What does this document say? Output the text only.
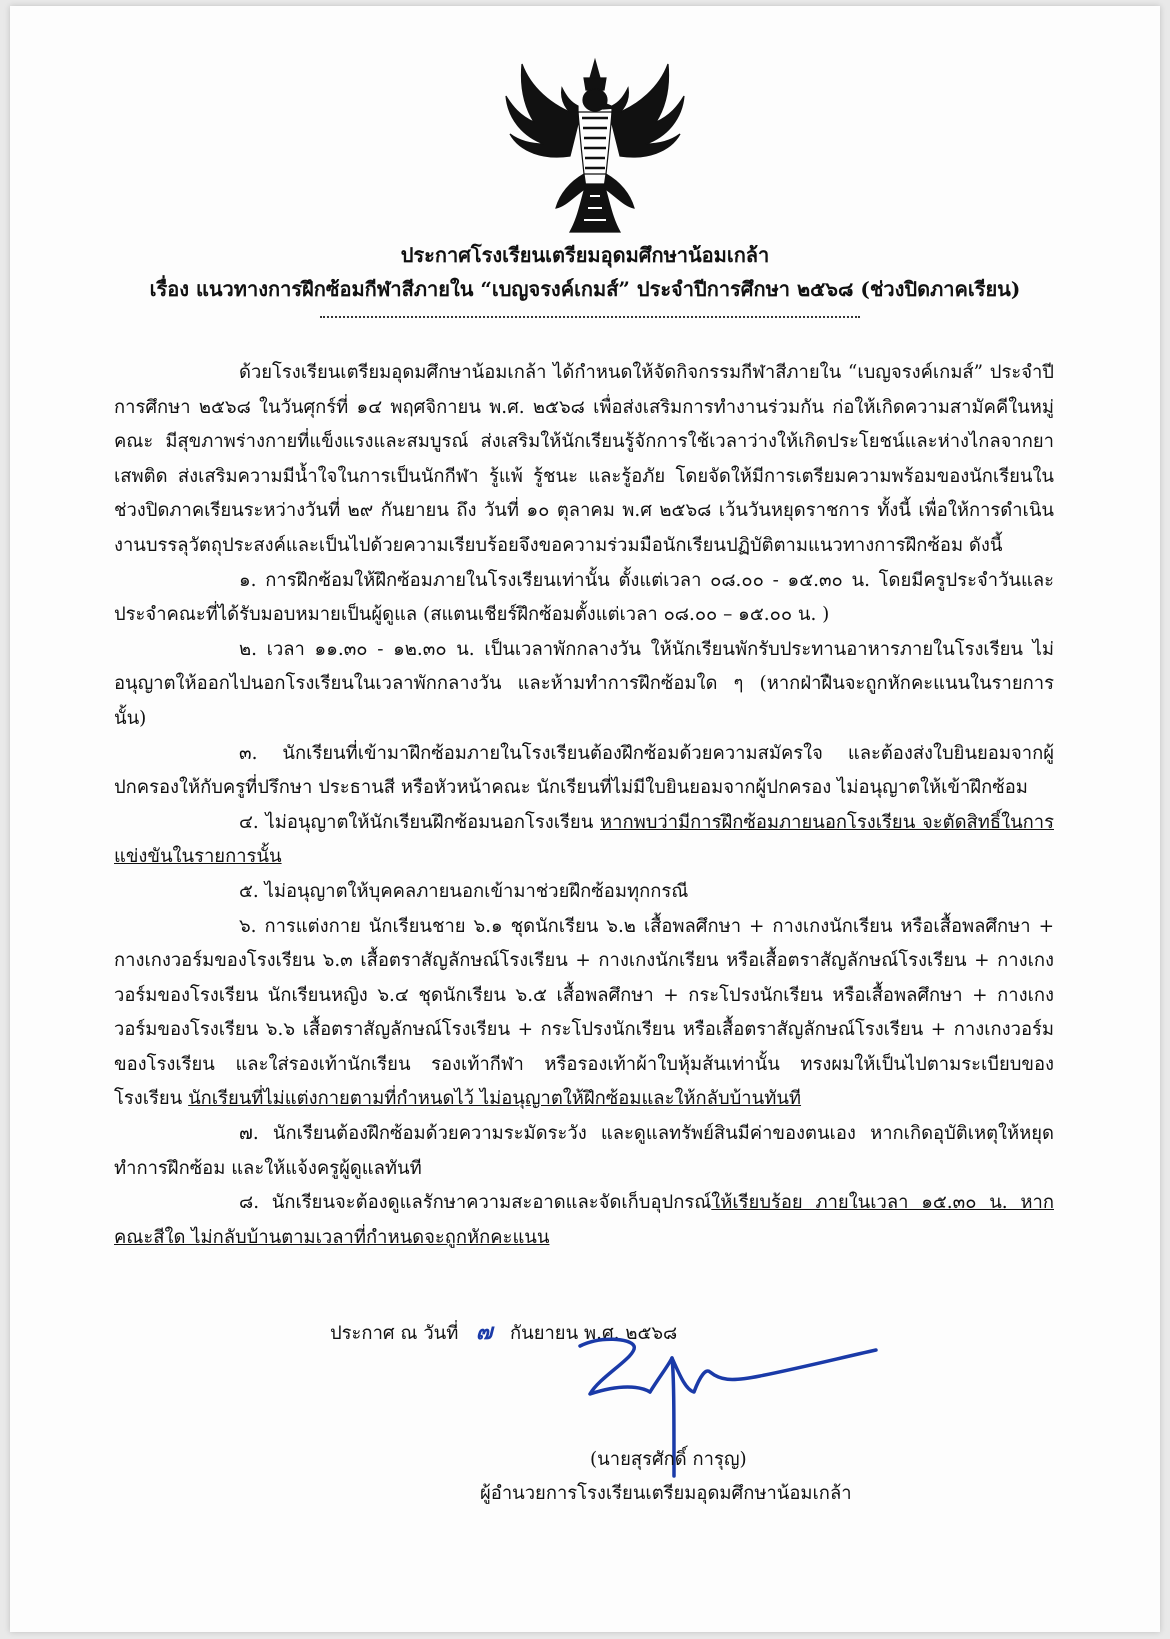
ประกาศโรงเรียนเตรียมอุดมศึกษาน้อมเกล้า
เรื่อง แนวทางการฝึกซ้อมกีฬาสีภายใน “เบญจรงค์เกมส์” ประจำปีการศึกษา ๒๕๖๘ (ช่วงปิดภาคเรียน)

ด้วยโรงเรียนเตรียมอุดมศึกษาน้อมเกล้า ได้กำหนดให้จัดกิจกรรมกีฬาสีภายใน “เบญจรงค์เกมส์” ประจำปีการศึกษา ๒๕๖๘ ในวันศุกร์ที่ ๑๔ พฤศจิกายน พ.ศ. ๒๕๖๘ เพื่อส่งเสริมการทำงานร่วมกัน ก่อให้เกิดความสามัคคีในหมู่คณะ มีสุขภาพร่างกายที่แข็งแรงและสมบูรณ์ ส่งเสริมให้นักเรียนรู้จักการใช้เวลาว่างให้เกิดประโยชน์และห่างไกลจากยาเสพติด ส่งเสริมความมีน้ำใจในการเป็นนักกีฬา รู้แพ้ รู้ชนะ และรู้อภัย โดยจัดให้มีการเตรียมความพร้อมของนักเรียนในช่วงปิดภาคเรียนระหว่างวันที่ ๒๙ กันยายน ถึง วันที่ ๑๐ ตุลาคม พ.ศ ๒๕๖๘ เว้นวันหยุดราชการ ทั้งนี้ เพื่อให้การดำเนินงานบรรลุวัตถุประสงค์และเป็นไปด้วยความเรียบร้อยจึงขอความร่วมมือนักเรียนปฏิบัติตามแนวทางการฝึกซ้อม ดังนี้

๑. การฝึกซ้อมให้ฝึกซ้อมภายในโรงเรียนเท่านั้น ตั้งแต่เวลา ๐๘.๐๐ - ๑๕.๓๐ น. โดยมีครูประจำวันและประจำคณะที่ได้รับมอบหมายเป็นผู้ดูแล (สแตนเชียร์ฝึกซ้อมตั้งแต่เวลา ๐๘.๐๐ – ๑๕.๐๐ น. )

๒. เวลา ๑๑.๓๐ - ๑๒.๓๐ น. เป็นเวลาพักกลางวัน ให้นักเรียนพักรับประทานอาหารภายในโรงเรียน ไม่อนุญาตให้ออกไปนอกโรงเรียนในเวลาพักกลางวัน และห้ามทำการฝึกซ้อมใด ๆ (หากฝ่าฝืนจะถูกหักคะแนนในรายการนั้น)

๓. นักเรียนที่เข้ามาฝึกซ้อมภายในโรงเรียนต้องฝึกซ้อมด้วยความสมัครใจ และต้องส่งใบยินยอมจากผู้ปกครองให้กับครูที่ปรึกษา ประธานสี หรือหัวหน้าคณะ นักเรียนที่ไม่มีใบยินยอมจากผู้ปกครอง ไม่อนุญาตให้เข้าฝึกซ้อม

๔. ไม่อนุญาตให้นักเรียนฝึกซ้อมนอกโรงเรียน หากพบว่ามีการฝึกซ้อมภายนอกโรงเรียน จะตัดสิทธิ์ในการแข่งขันในรายการนั้น

๕. ไม่อนุญาตให้บุคคลภายนอกเข้ามาช่วยฝึกซ้อมทุกกรณี

๖. การแต่งกาย นักเรียนชาย ๖.๑ ชุดนักเรียน ๖.๒ เสื้อพลศึกษา + กางเกงนักเรียน หรือเสื้อพลศึกษา + กางเกงวอร์มของโรงเรียน ๖.๓ เสื้อตราสัญลักษณ์โรงเรียน + กางเกงนักเรียน หรือเสื้อตราสัญลักษณ์โรงเรียน + กางเกงวอร์มของโรงเรียน นักเรียนหญิง ๖.๔ ชุดนักเรียน ๖.๕ เสื้อพลศึกษา + กระโปรงนักเรียน หรือเสื้อพลศึกษา + กางเกงวอร์มของโรงเรียน ๖.๖ เสื้อตราสัญลักษณ์โรงเรียน + กระโปรงนักเรียน หรือเสื้อตราสัญลักษณ์โรงเรียน + กางเกงวอร์มของโรงเรียน และใส่รองเท้านักเรียน รองเท้ากีฬา หรือรองเท้าผ้าใบหุ้มส้นเท่านั้น ทรงผมให้เป็นไปตามระเบียบของโรงเรียน นักเรียนที่ไม่แต่งกายตามที่กำหนดไว้ ไม่อนุญาตให้ฝึกซ้อมและให้กลับบ้านทันที

๗. นักเรียนต้องฝึกซ้อมด้วยความระมัดระวัง และดูแลทรัพย์สินมีค่าของตนเอง หากเกิดอุบัติเหตุให้หยุดทำการฝึกซ้อม และให้แจ้งครูผู้ดูแลทันที

๘. นักเรียนจะต้องดูแลรักษาความสะอาดและจัดเก็บอุปกรณ์ให้เรียบร้อย ภายในเวลา ๑๕.๓๐ น. หากคณะสีใด ไม่กลับบ้านตามเวลาที่กำหนดจะถูกหักคะแนน

ประกาศ ณ วันที่ ๗ กันยายน พ.ศ. ๒๕๖๘
(นายสุรศักดิ์ การุญ)
ผู้อำนวยการโรงเรียนเตรียมอุดมศึกษาน้อมเกล้า
